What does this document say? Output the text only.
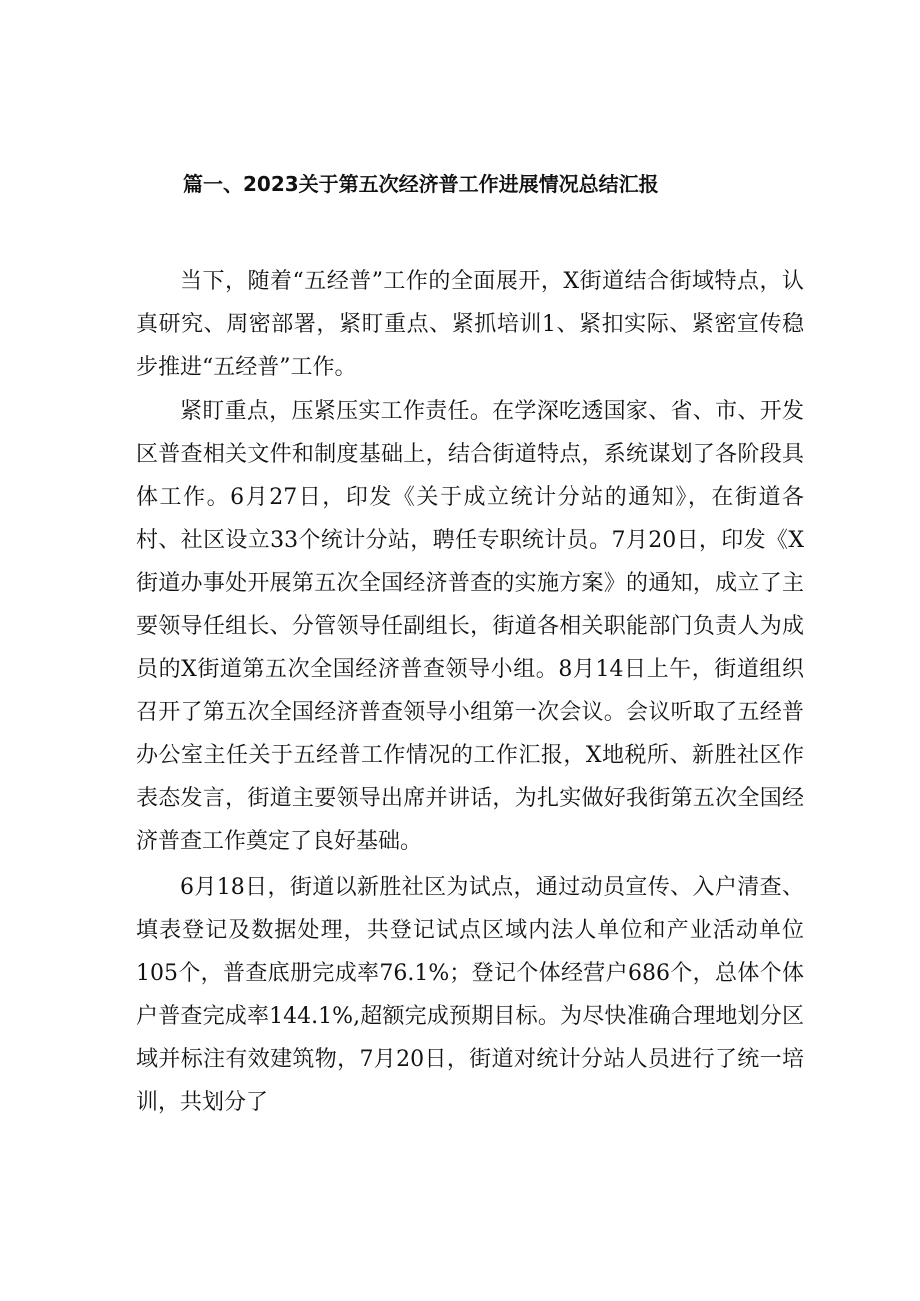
篇一、2023关于第五次经济普工作进展情况总结汇报

当下，随着“五经普”工作的全面展开，X街道结合街域特点，认真研究、周密部署，紧盯重点、紧抓培训1、紧扣实际、紧密宣传稳步推进“五经普”工作。

紧盯重点，压紧压实工作责任。在学深吃透国家、省、市、开发区普查相关文件和制度基础上，结合街道特点，系统谋划了各阶段具体工作。6月27日，印发《关于成立统计分站的通知》，在街道各村、社区设立33个统计分站，聘任专职统计员。7月20日，印发《X街道办事处开展第五次全国经济普查的实施方案》的通知，成立了主要领导任组长、分管领导任副组长，街道各相关职能部门负责人为成员的X街道第五次全国经济普查领导小组。8月14日上午，街道组织召开了第五次全国经济普查领导小组第一次会议。会议听取了五经普办公室主任关于五经普工作情况的工作汇报，X地税所、新胜社区作表态发言，街道主要领导出席并讲话，为扎实做好我街第五次全国经济普查工作奠定了良好基础。

6月18日，街道以新胜社区为试点，通过动员宣传、入户清查、填表登记及数据处理，共登记试点区域内法人单位和产业活动单位105个，普查底册完成率76.1%；登记个体经营户686个，总体个体户普查完成率144.1%,超额完成预期目标。为尽快准确合理地划分区域并标注有效建筑物，7月20日，街道对统计分站人员进行了统一培训，共划分了
